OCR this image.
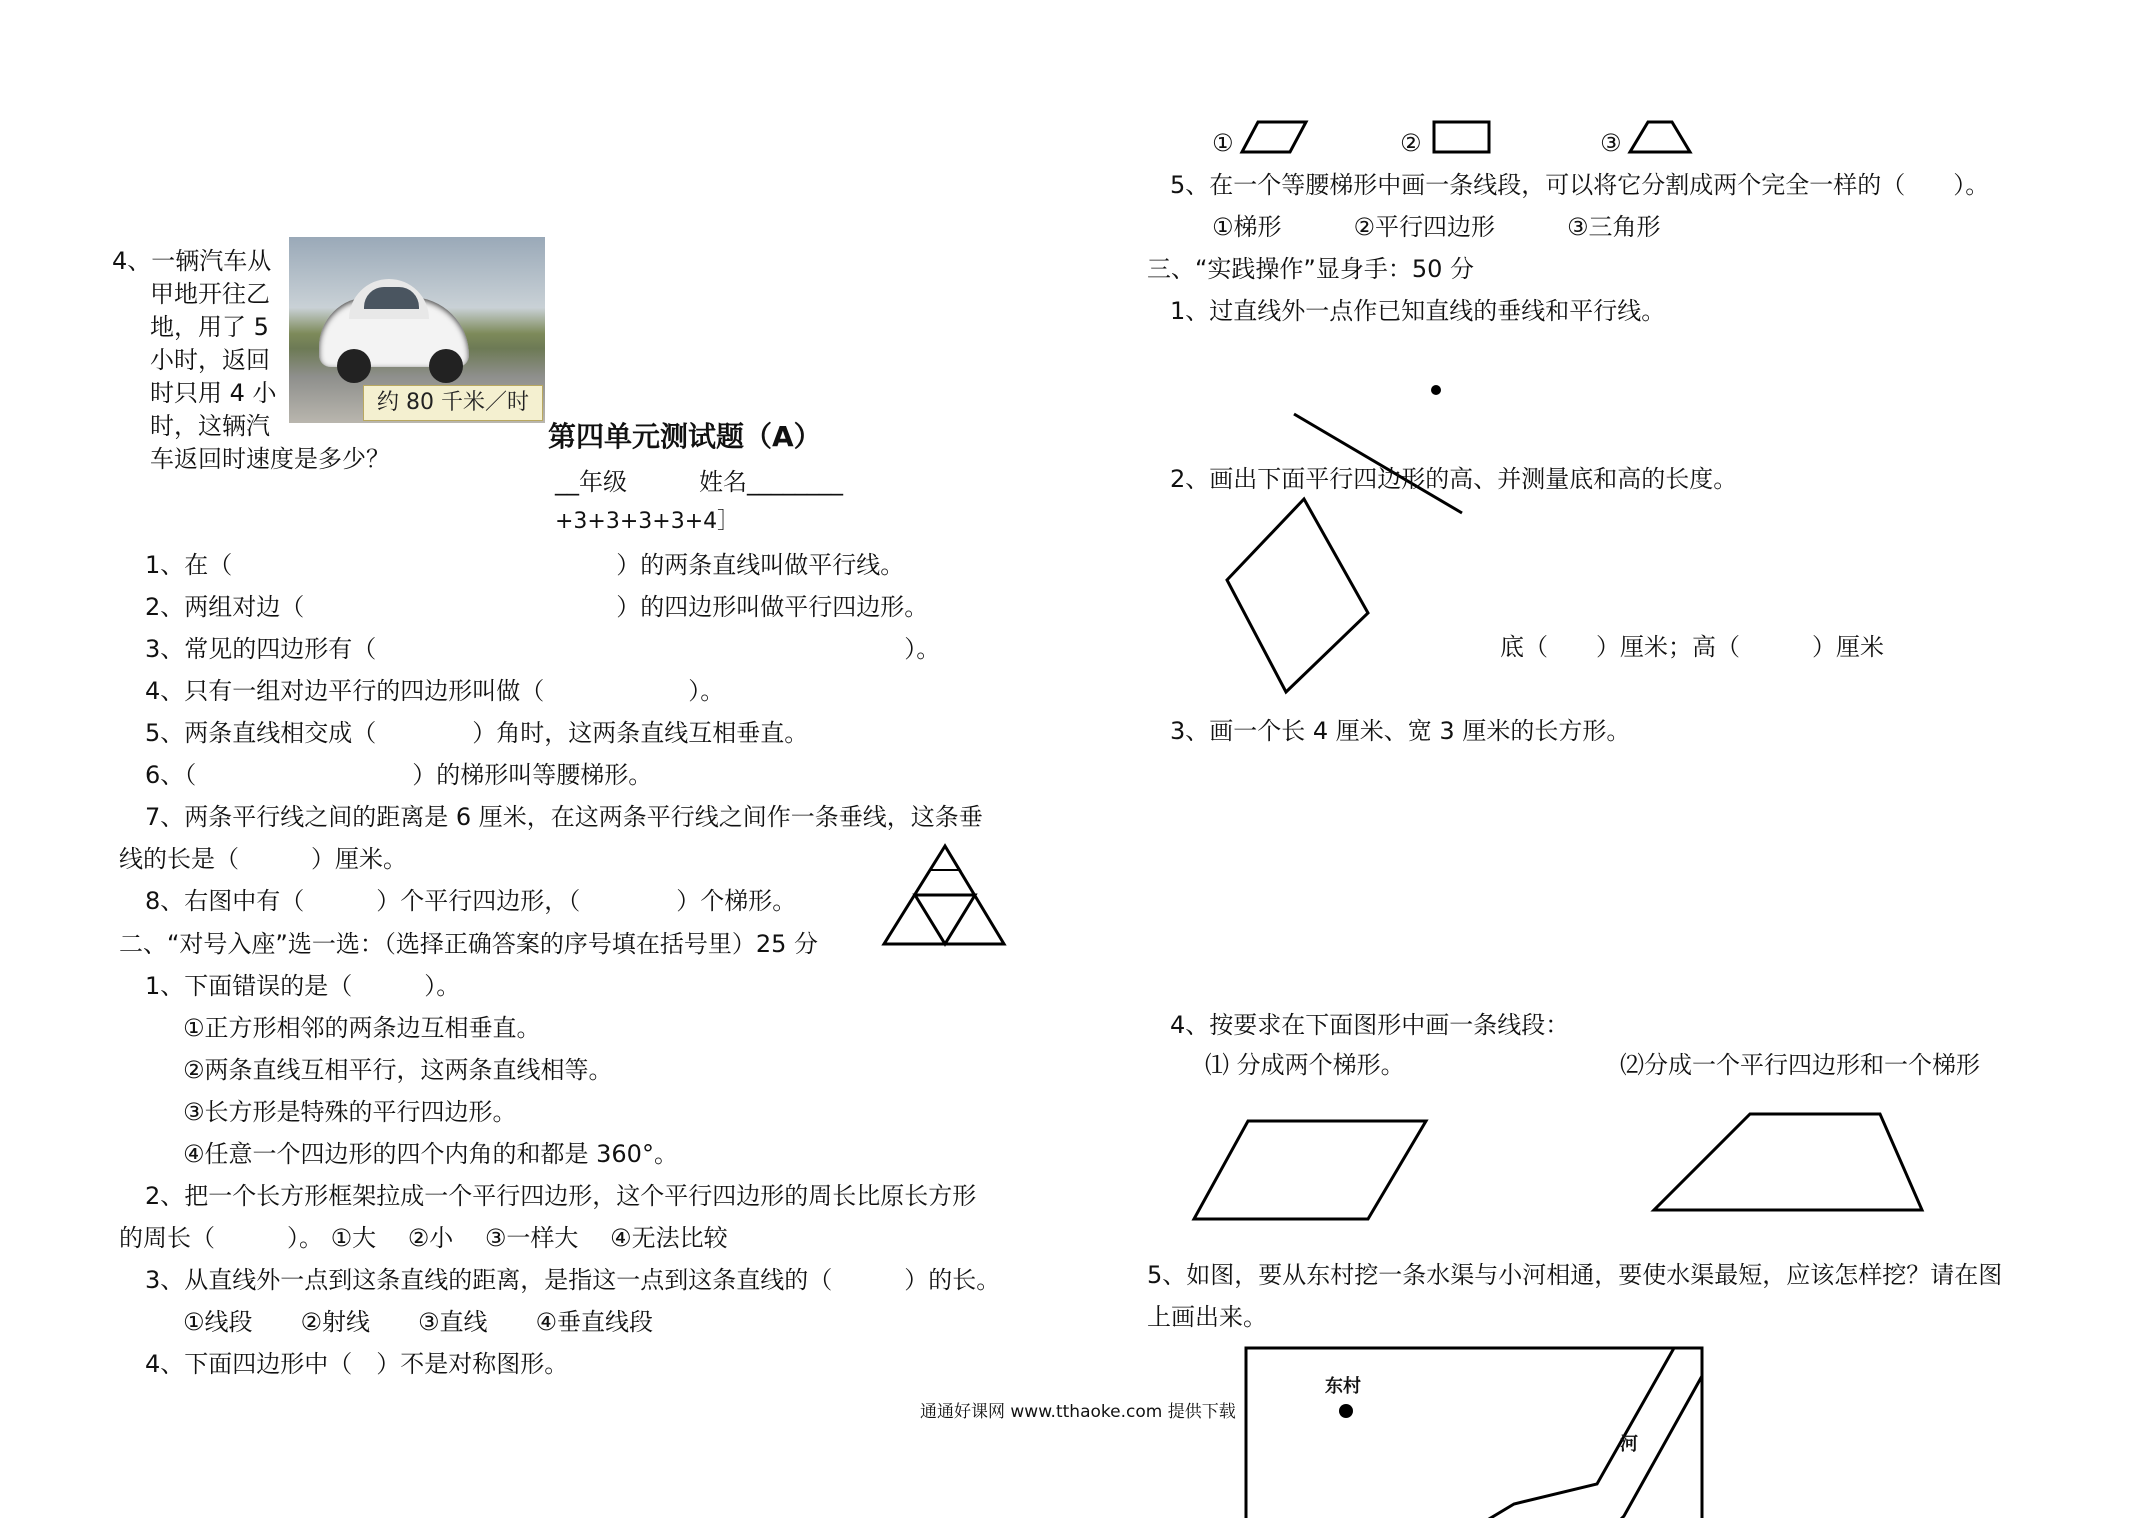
4、一辆汽车从
甲地开往乙
地，用了 5
小时，返回
时只用 4 小
时，这辆汽
车返回时速度是多少？
约 80 千米／时
第四单元测试题（A）
__年级　　　姓名________
+3+3+3+3+4］
1、在（　　　　　　　　　　　　　　　　）的两条直线叫做平行线。
2、两组对边（　　　　　　　　　　　　　）的四边形叫做平行四边形。
3、常见的四边形有（　　　　　　　　　　　　　　　　　　　　　　）。
4、只有一组对边平行的四边形叫做（　　　　　　）。
5、两条直线相交成（　　　　）角时，这两条直线互相垂直。
6、（　　　　　　　　　）的梯形叫等腰梯形。
7、两条平行线之间的距离是 6 厘米，在这两条平行线之间作一条垂线，这条垂
线的长是（　　　）厘米。
8、右图中有（　　　）个平行四边形，（　　　　）个梯形。
二、“对号入座”选一选：（选择正确答案的序号填在括号里）25 分
1、下面错误的是（　　　）。
①正方形相邻的两条边互相垂直。
②两条直线互相平行，这两条直线相等。
③长方形是特殊的平行四边形。
④任意一个四边形的四个内角的和都是 360°。
2、把一个长方形框架拉成一个平行四边形，这个平行四边形的周长比原长方形
的周长（　　　）。 ①大　 ②小　 ③一样大　 ④无法比较
3、从直线外一点到这条直线的距离，是指这一点到这条直线的（　　　）的长。
①线段　　②射线　　③直线　　④垂直线段
4、下面四边形中（　）不是对称图形。
通通好课网 www.tthaoke.com 提供下载
①	②	③
5、在一个等腰梯形中画一条线段，可以将它分割成两个完全一样的（　　）。
①梯形　　　②平行四边形　　　③三角形
三、“实践操作”显身手：50 分
1、过直线外一点作已知直线的垂线和平行线。
2、画出下面平行四边形的高、并测量底和高的长度。
底（　　）厘米；高（　　　）厘米
3、画一个长 4 厘米、宽 3 厘米的长方形。
4、按要求在下面图形中画一条线段：
⑴ 分成两个梯形。	⑵分成一个平行四边形和一个梯形
5、如图，要从东村挖一条水渠与小河相通，要使水渠最短，应该怎样挖？请在图
上画出来。
东村
河
